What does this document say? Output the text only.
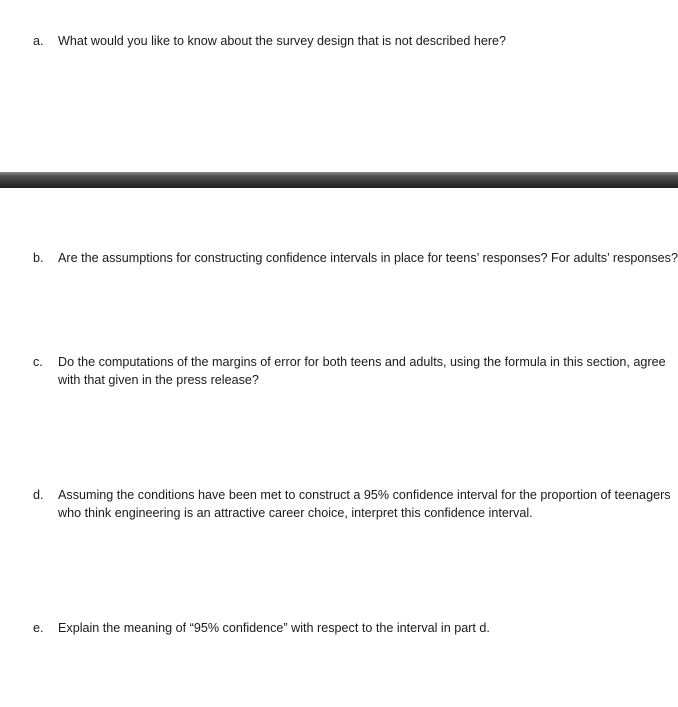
a. What would you like to know about the survey design that is not described here?
b. Are the assumptions for constructing confidence intervals in place for teens’ responses? For adults’ responses?
c. Do the computations of the margins of error for both teens and adults, using the formula in this section, agree with that given in the press release?
d. Assuming the conditions have been met to construct a 95% confidence interval for the proportion of teenagers who think engineering is an attractive career choice, interpret this confidence interval.
e. Explain the meaning of “95% confidence” with respect to the interval in part d.
